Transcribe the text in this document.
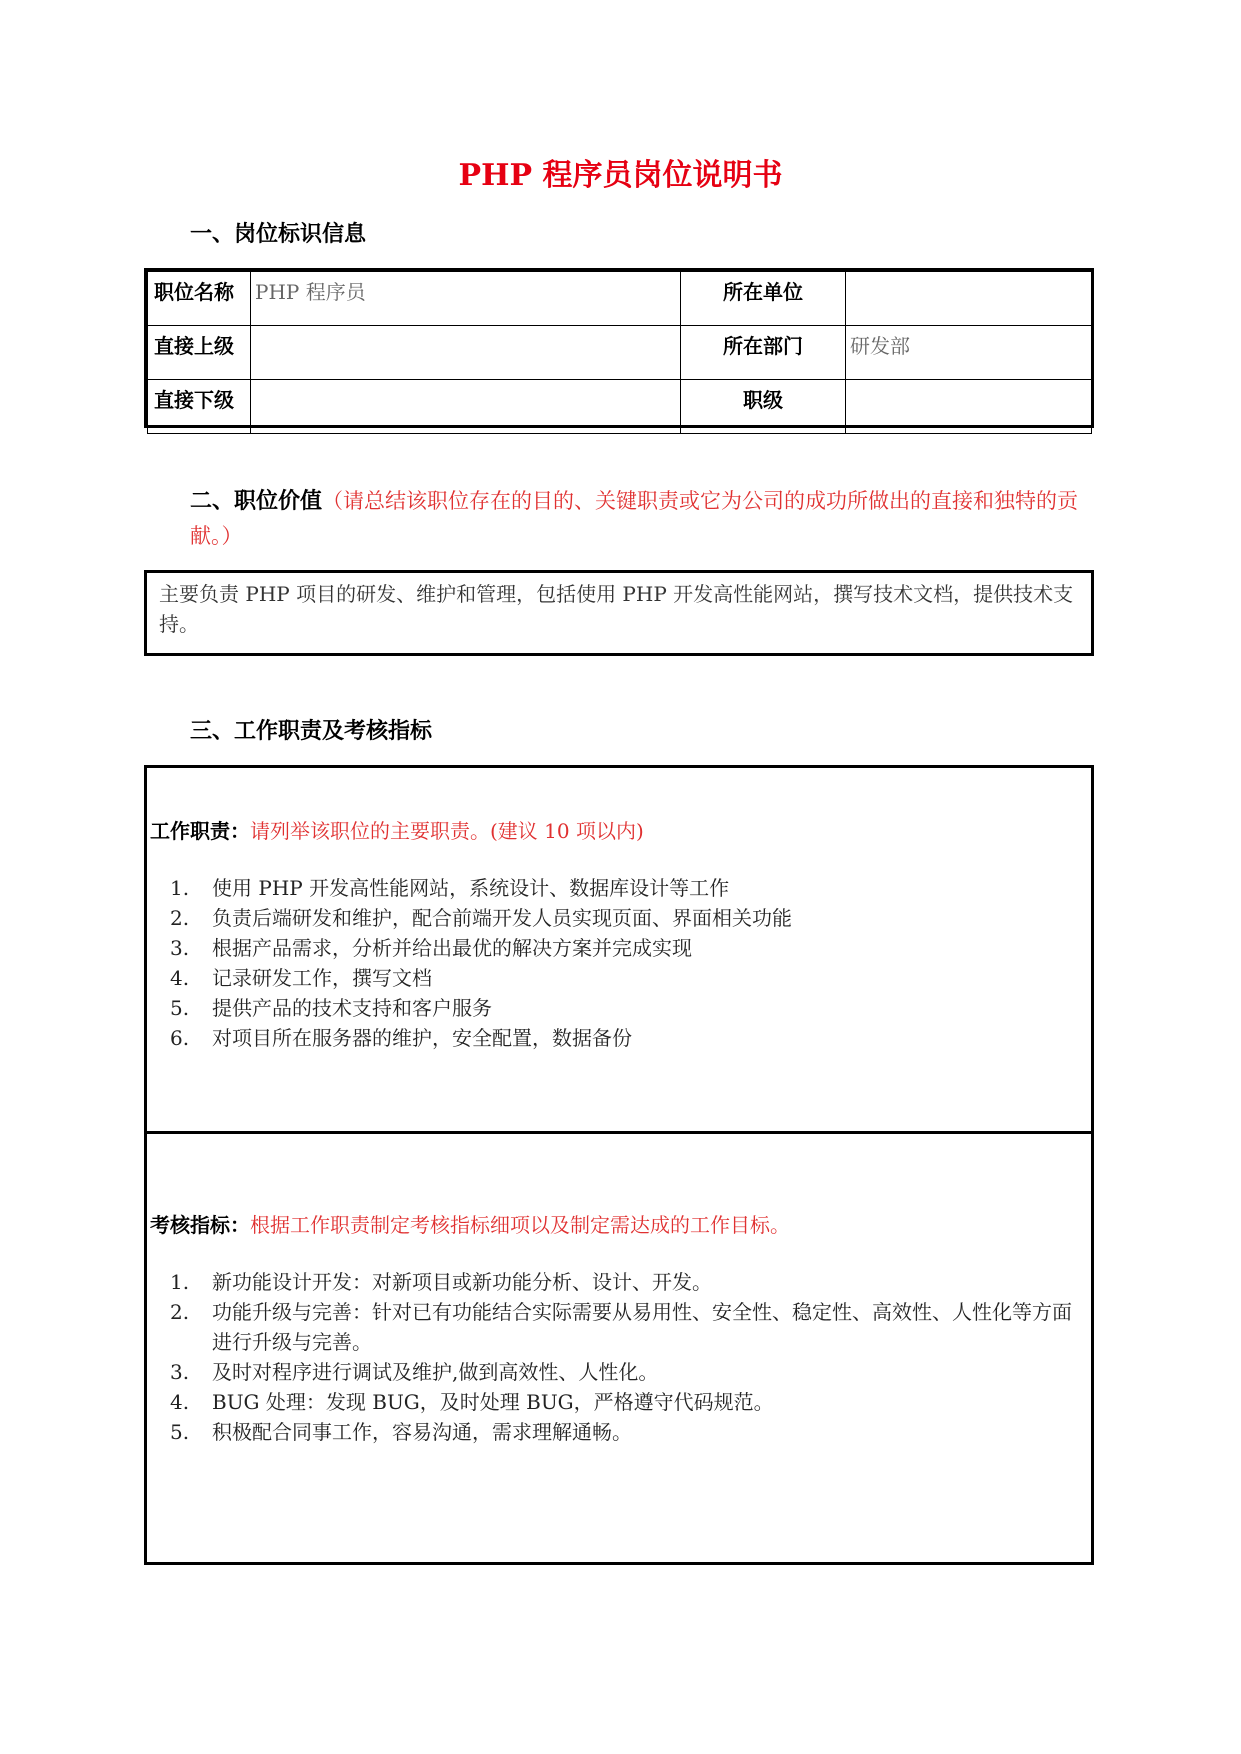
PHP 程序员岗位说明书
一、岗位标识信息
职位名称	PHP 程序员	所在单位	
直接上级		所在部门	研发部
直接下级		职级	
二、职位价值（请总结该职位存在的目的、关键职责或它为公司的成功所做出的直接和独特的贡献。）
主要负责 PHP 项目的研发、维护和管理，包括使用 PHP 开发高性能网站，撰写技术文档，提供技术支持。
三、工作职责及考核指标
工作职责：请列举该职位的主要职责。(建议 10 项以内)
1. 使用 PHP 开发高性能网站，系统设计、数据库设计等工作
2. 负责后端研发和维护，配合前端开发人员实现页面、界面相关功能
3. 根据产品需求，分析并给出最优的解决方案并完成实现
4. 记录研发工作，撰写文档
5. 提供产品的技术支持和客户服务
6. 对项目所在服务器的维护，安全配置，数据备份
考核指标：根据工作职责制定考核指标细项以及制定需达成的工作目标。
1. 新功能设计开发：对新项目或新功能分析、设计、开发。
2. 功能升级与完善：针对已有功能结合实际需要从易用性、安全性、稳定性、高效性、人性化等方面进行升级与完善。
3. 及时对程序进行调试及维护,做到高效性、人性化。
4. BUG 处理：发现 BUG，及时处理 BUG，严格遵守代码规范。
5. 积极配合同事工作，容易沟通，需求理解通畅。
